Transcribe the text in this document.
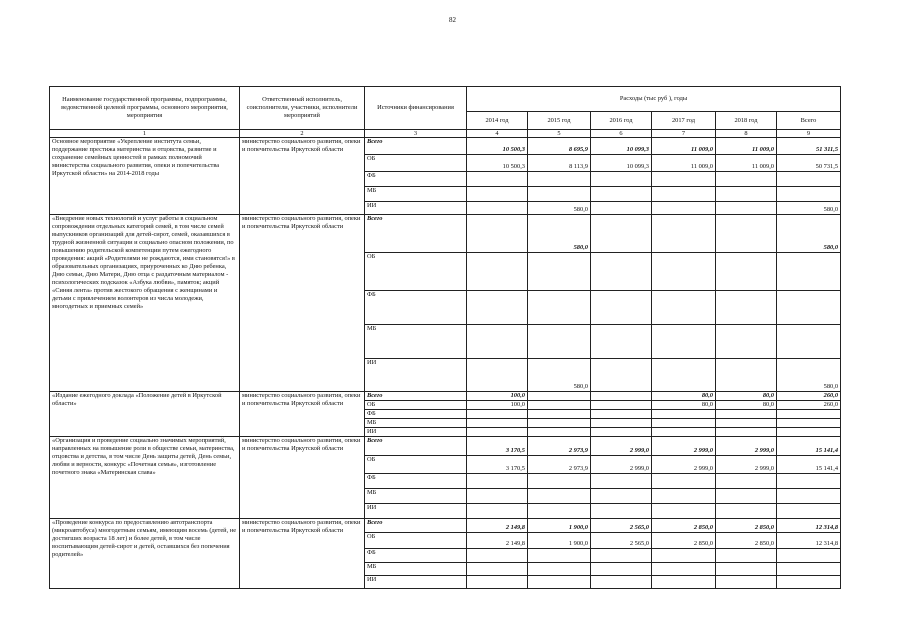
82
Наименование государственной программы, подпрограммы, ведомственной целевой программы, основного мероприятия, мероприятия	Ответственный исполнитель, соисполнители, участники, исполнители мероприятий	Источники финансирования	Расходы (тыс руб ), годы					
			2014 год	2015 год	2016 год	2017 год	2018 год	Всего
1	2	3	4	5	6	7	8	9
Основное мероприятие «Укрепление института семьи, поддержание престижа материнства и отцовства, развитие и сохранение семейных ценностей в рамках полномочий министерства социального развития, опеки и попечительства Иркутской области» на 2014-2018 годы	министерство социального развития, опеки и попечительства Иркутской области	Всего	10 500,3	8 695,9	10 099,3	11 009,0	11 009,0	51 311,5
		ОБ	10 500,3	8 113,9	10 099,3	11 009,0	11 009,0	50 731,5
		ФБ						
		МБ						
		ИИ		580,0				580,0
«Внедрение новых технологий и услуг работы в социальном сопровождении отдельных категорий семей, в том числе семей выпускников организаций для детей-сирот, семей, оказавшихся в трудной жизненной ситуации и социально опасном положении, по повышению родительской компетенции путем ежегодного проведения: акций «Родителями не рождаются, ими становятся!» в образовательных организациях, приуроченных ко Дню ребенка, Дню семьи, Дню Матери, Дню отца с раздаточным материалом - психологических подсказок «Азбука любви», памяток; акций «Синяя лента» против жестокого обращения с женщинами и детьми с привлечением волонтеров из числа молодежи, многодетных и приемных семей»	министерство социального развития, опеки и попечительства Иркутской области	Всего		580,0				580,0
		ОБ						
		ФБ						
		МБ						
		ИИ		580,0				580,0
«Издание ежегодного доклада «Положение детей в Иркутской области»	министерство социального развития, опеки и попечительства Иркутской области	Всего	100,0			80,0	80,0	260,0
		ОБ	100,0			80,0	80,0	260,0
		ФБ						
		МБ						
		ИИ						
«Организация и проведение социально значимых мероприятий, направленных на повышение роли в обществе семьи, материнства, отцовства и детства, в том числе День защиты детей, День семьи, любви и верности, конкурс «Почетная семья», изготовление почетного знака «Материнская слава»	министерство социального развития, опеки и попечительства Иркутской области	Всего	3 170,5	2 973,9	2 999,0	2 999,0	2 999,0	15 141,4
		ОБ	3 170,5	2 973,9	2 999,0	2 999,0	2 999,0	15 141,4
		ФБ						
		МБ						
		ИИ						
«Проведение конкурса по предоставлению автотранспорта (микроавтобуса) многодетным семьям, имеющим восемь (детей, не достигших возраста 18 лет) и более детей, в том числе воспитывающим детей-сирот и детей, оставшихся без попечения родителей»	министерство социального развития, опеки и попечительства Иркутской области	Всего	2 149,8	1 900,0	2 565,0	2 850,0	2 850,0	12 314,8
		ОБ	2 149,8	1 900,0	2 565,0	2 850,0	2 850,0	12 314,8
		ФБ						
		МБ						
		ИИ						
